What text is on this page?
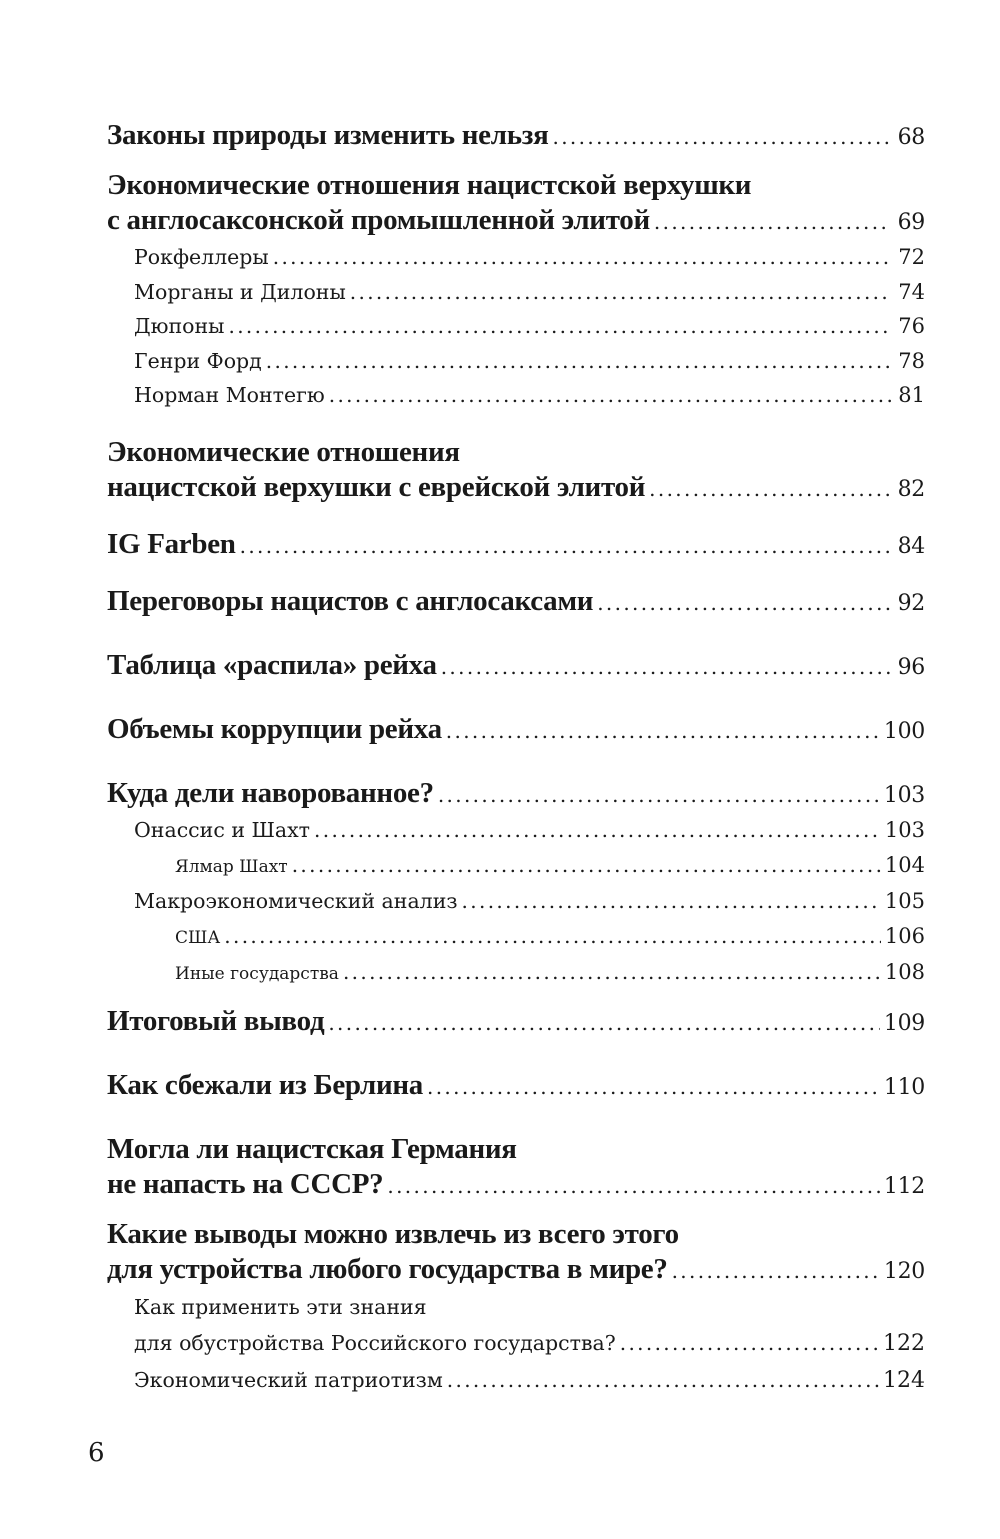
Законы природы изменить нельзя . . .	68
Экономические отношения нацистской верхушки
с англосаксонской промышленной элитой . . .	69
Рокфеллеры . . .	72
Морганы и Дилоны . . .	74
Дюпоны . . .	76
Генри Форд . . .	78
Норман Монтегю . . .	81
Экономические отношения
нацистской верхушки с еврейской элитой . . .	82
IG Farben . . .	84
Переговоры нацистов с англосаксами . . .	92
Таблица «распила» рейха . . .	96
Объемы коррупции рейха . . .	100
Куда дели наворованное? . . .	103
Онассис и Шахт . . .	103
Ялмар Шахт . . .	104
Макроэкономический анализ . . .	105
США . . .	106
Иные государства . . .	108
Итоговый вывод . . .	109
Как сбежали из Берлина . . .	110
Могла ли нацистская Германия
не напасть на СССР? . . .	112
Какие выводы можно извлечь из всего этого
для устройства любого государства в мире? . . .	120
Как применить эти знания
для обустройства Российского государства? . . .	122
Экономический патриотизм . . .	124
6
